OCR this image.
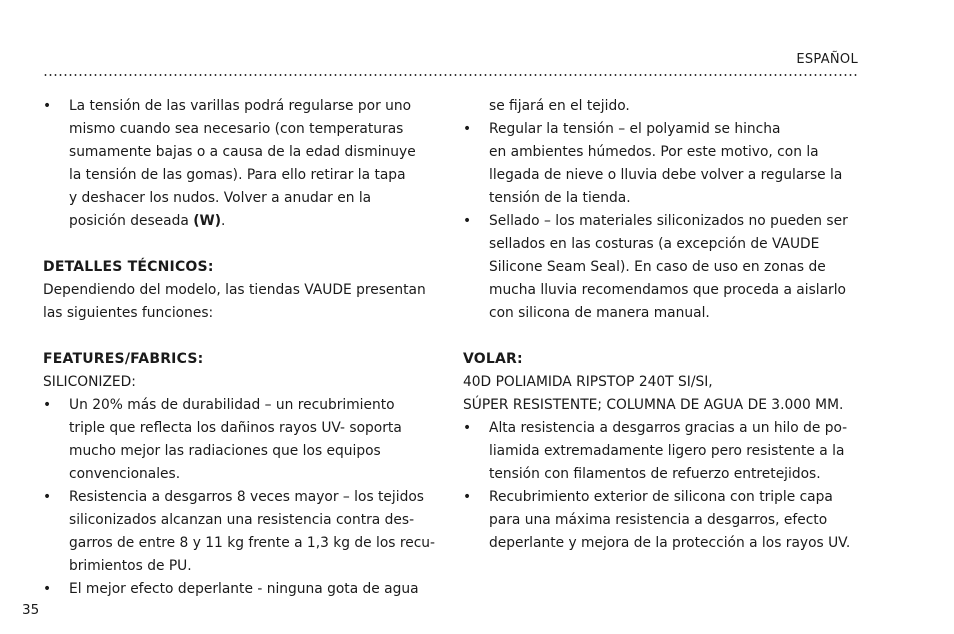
ESPAÑOL
• La tensión de las varillas podrá regularse por uno
mismo cuando sea necesario (con temperaturas
sumamente bajas o a causa de la edad disminuye
la tensión de las gomas). Para ello retirar la tapa
y deshacer los nudos. Volver a anudar en la
posición deseada (W).

DETALLES TÉCNICOS:

Dependiendo del modelo, las tiendas VAUDE presentan
las siguientes funciones:

FEATURES/FABRICS:

SILICONIZED:
• Un 20% más de durabilidad – un recubrimiento
triple que reflecta los dañinos rayos UV- soporta
mucho mejor las radiaciones que los equipos
convencionales.
• Resistencia a desgarros 8 veces mayor – los tejidos
siliconizados alcanzan una resistencia contra des-
garros de entre 8 y 11 kg frente a 1,3 kg de los recu-
brimientos de PU.
• El mejor efecto deperlante - ninguna gota de agua
se fijará en el tejido.
• Regular la tensión – el polyamid se hincha
en ambientes húmedos. Por este motivo, con la
llegada de nieve o lluvia debe volver a regularse la
tensión de la tienda.
• Sellado – los materiales siliconizados no pueden ser
sellados en las costuras (a excepción de VAUDE
Silicone Seam Seal). En caso de uso en zonas de
mucha lluvia recomendamos que proceda a aislarlo
con silicona de manera manual.

VOLAR:

40D POLIAMIDA RIPSTOP 240T SI/SI,
SÚPER RESISTENTE; COLUMNA DE AGUA DE 3.000 MM.
• Alta resistencia a desgarros gracias a un hilo de po-
liamida extremadamente ligero pero resistente a la
tensión con filamentos de refuerzo entretejidos.
• Recubrimiento exterior de silicona con triple capa
para una máxima resistencia a desgarros, efecto
deperlante y mejora de la protección a los rayos UV.
35
